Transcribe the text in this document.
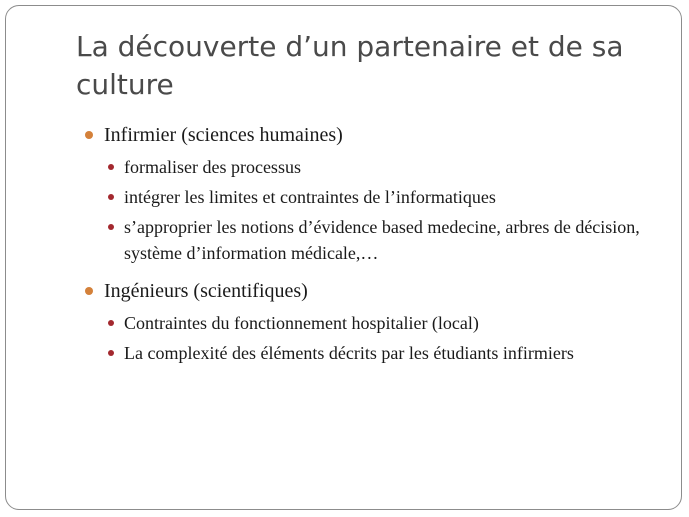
La découverte d’un partenaire et de sa culture
Infirmier (sciences humaines)
formaliser des processus
intégrer les limites et contraintes de l’informatiques
s’approprier les notions d’évidence based medecine, arbres de décision, système d’information médicale,…
Ingénieurs (scientifiques)
Contraintes du fonctionnement hospitalier (local)
La complexité des éléments décrits par les étudiants infirmiers
